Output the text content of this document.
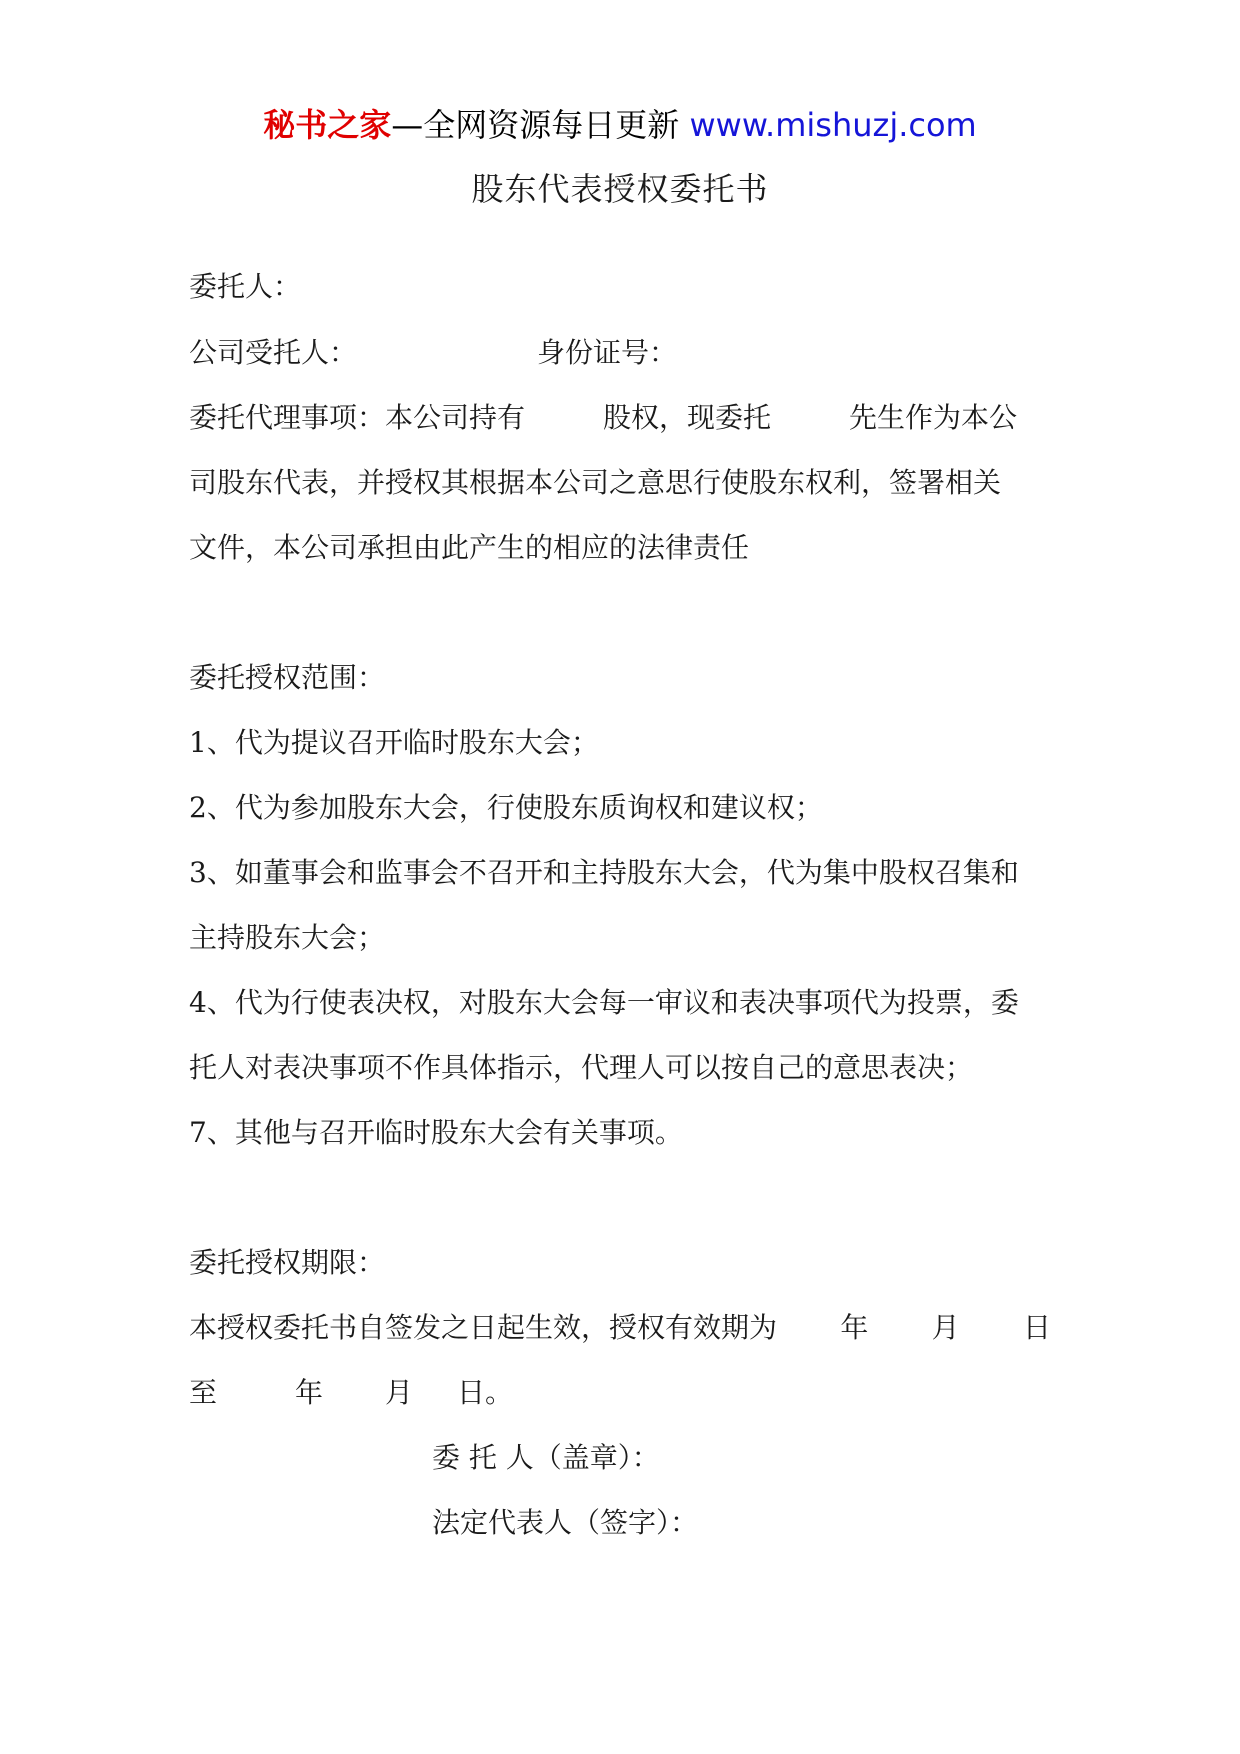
秘书之家—全网资源每日更新 www.mishuzj.com
股东代表授权委托书
委托人：
公司受托人：	身份证号：
委托代理事项：本公司持有	股权，现委托	先生作为本公
司股东代表，并授权其根据本公司之意思行使股东权利，签署相关
文件，本公司承担由此产生的相应的法律责任
委托授权范围：
1、代为提议召开临时股东大会；
2、代为参加股东大会，行使股东质询权和建议权；
3、如董事会和监事会不召开和主持股东大会，代为集中股权召集和
主持股东大会；
4、代为行使表决权，对股东大会每一审议和表决事项代为投票，委
托人对表决事项不作具体指示，代理人可以按自己的意思表决；
7、其他与召开临时股东大会有关事项。
委托授权期限：
本授权委托书自签发之日起生效，授权有效期为 年 月 日
至	年 月 日。
委 托 人（盖章）：
法定代表人（签字）：
